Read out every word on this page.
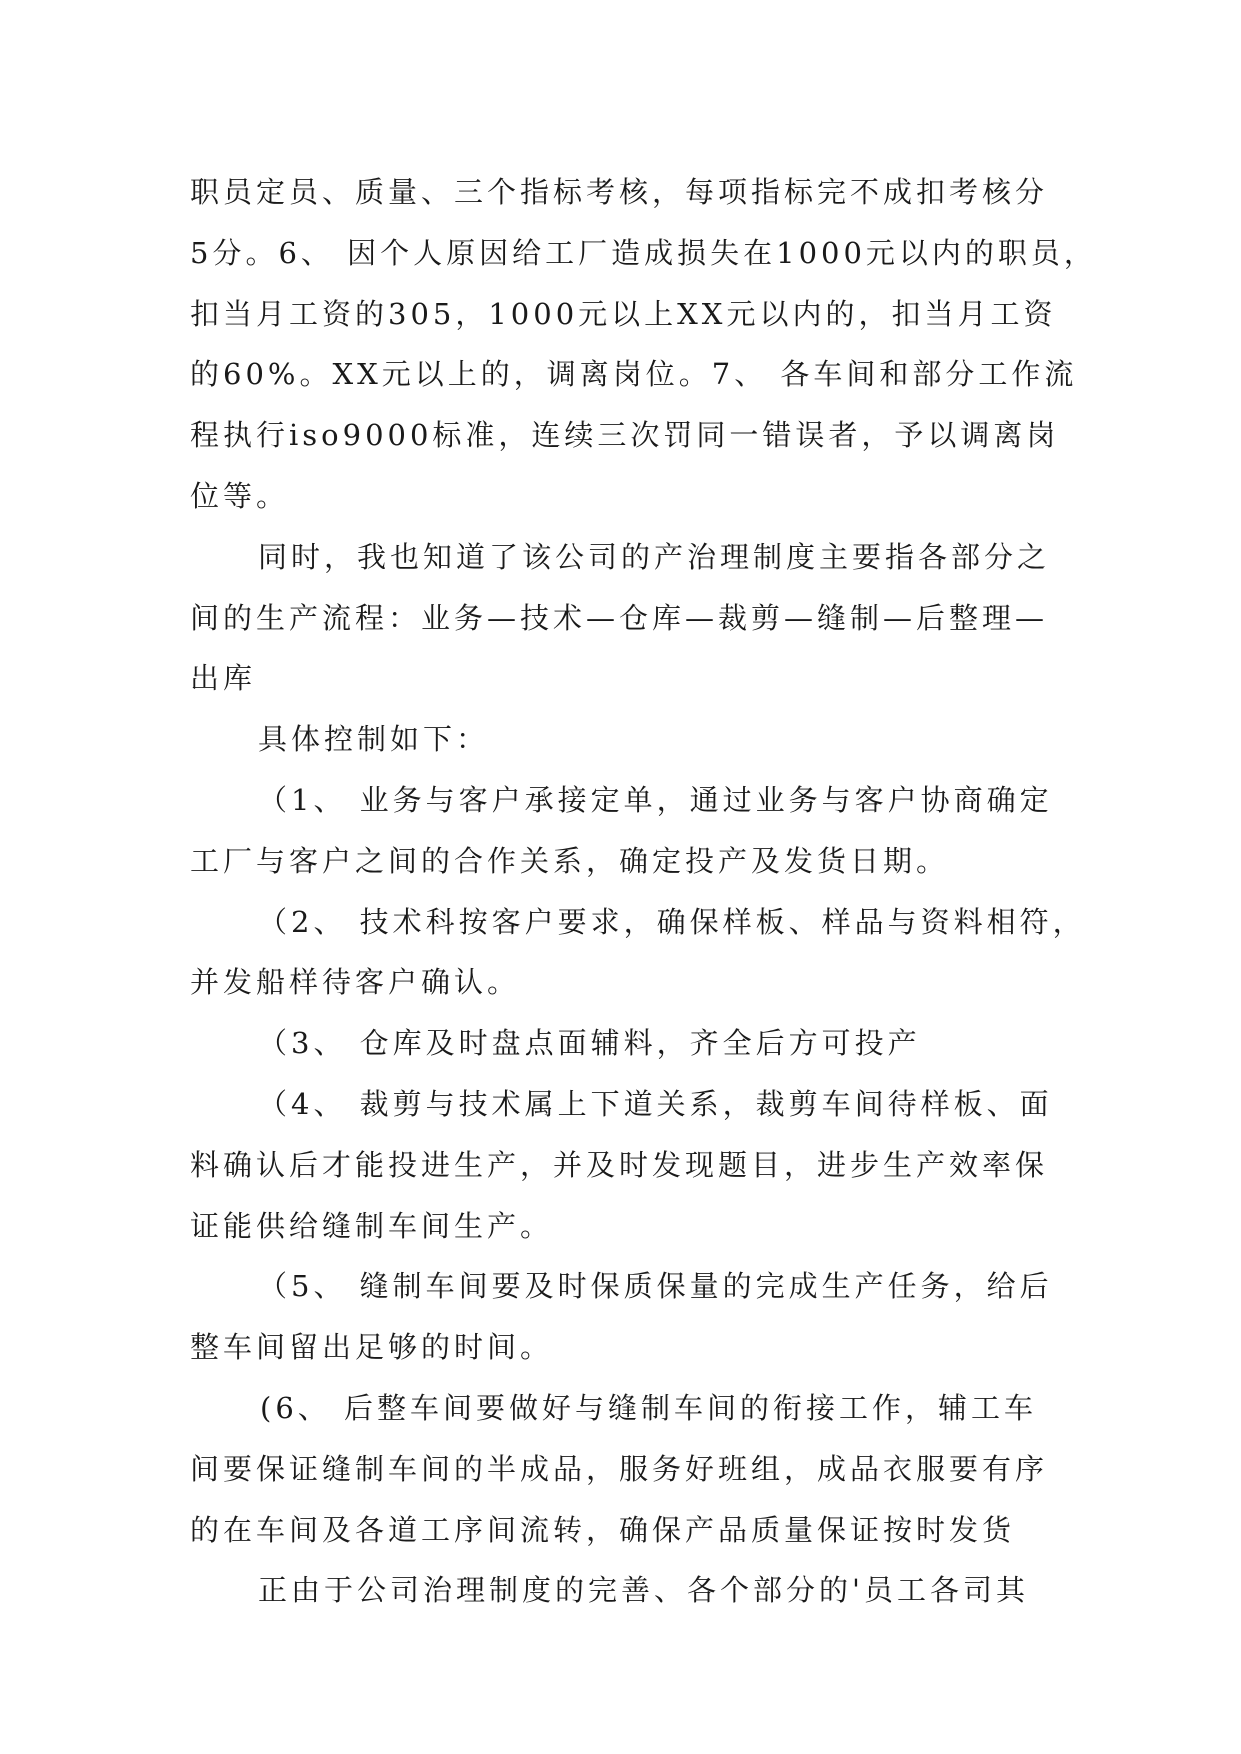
职员定员、质量、三个指标考核，每项指标完不成扣考核分
5分。6、 因个人原因给工厂造成损失在1000元以内的职员，
扣当月工资的305，1000元以上XX元以内的，扣当月工资
的60%。XX元以上的，调离岗位。7、 各车间和部分工作流
程执行iso9000标准，连续三次罚同一错误者，予以调离岗
位等。
同时，我也知道了该公司的产治理制度主要指各部分之
间的生产流程：业务—技术—仓库—裁剪—缝制—后整理—
出库
具体控制如下：
（1、 业务与客户承接定单，通过业务与客户协商确定
工厂与客户之间的合作关系，确定投产及发货日期。
（2、 技术科按客户要求，确保样板、样品与资料相符，
并发船样待客户确认。
（3、 仓库及时盘点面辅料，齐全后方可投产
（4、 裁剪与技术属上下道关系，裁剪车间待样板、面
料确认后才能投进生产，并及时发现题目，进步生产效率保
证能供给缝制车间生产。
（5、 缝制车间要及时保质保量的完成生产任务，给后
整车间留出足够的时间。
(6、 后整车间要做好与缝制车间的衔接工作，辅工车
间要保证缝制车间的半成品，服务好班组，成品衣服要有序
的在车间及各道工序间流转，确保产品质量保证按时发货
正由于公司治理制度的完善、各个部分的'员工各司其
